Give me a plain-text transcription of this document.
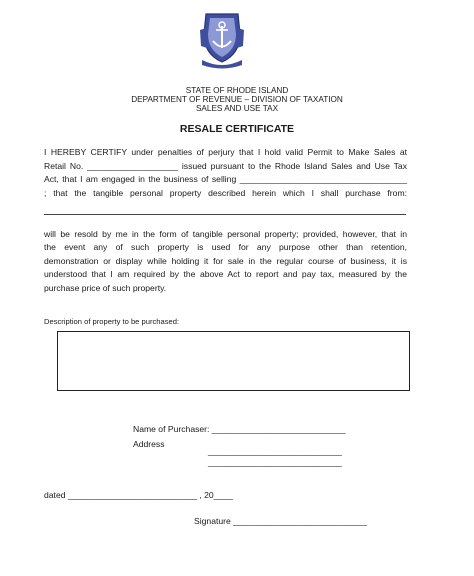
STATE OF RHODE ISLAND
DEPARTMENT OF REVENUE – DIVISION OF TAXATION
SALES AND USE TAX
RESALE CERTIFICATE
I HEREBY CERTIFY under penalties of perjury that I hold valid Permit to Make Sales at
Retail No. ___________________ issued pursuant to the Rhode Island Sales and Use Tax
Act, that I am engaged in the business of selling ___________________________________
; that the tangible personal property described herein which I shall purchase from:
will be resold by me in the form of tangible personal property; provided, however, that in
the event any of such property is used for any purpose other than retention,
demonstration or display while holding it for sale in the regular course of business, it is
understood that I am required by the above Act to report and pay tax, measured by the
purchase price of such property.
Description of property to be purchased:
Name of Purchaser: ____________________________
Address
____________________________
____________________________
dated ___________________________ , 20____
Signature ____________________________
